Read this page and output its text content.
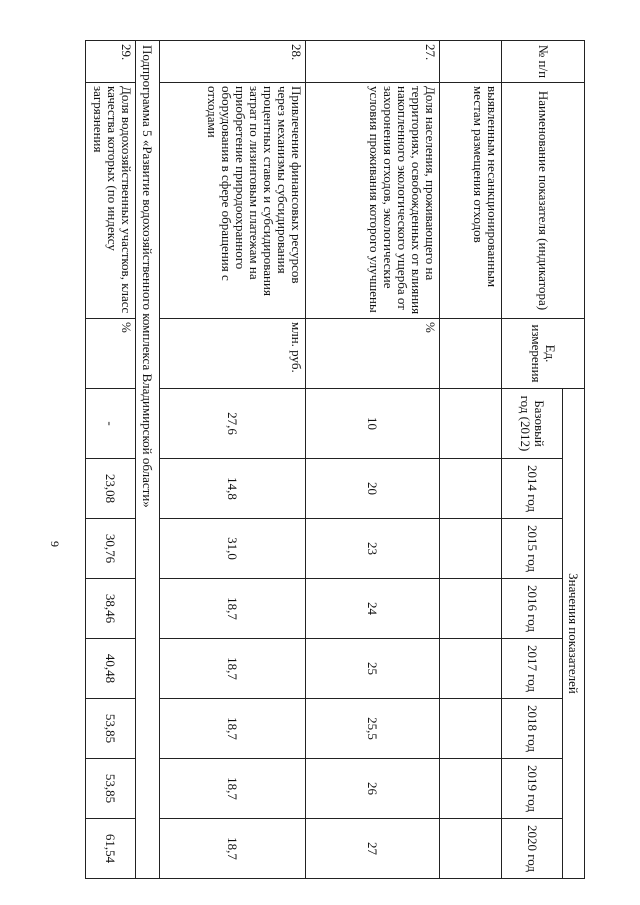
9
№ п/п	Наименование показателя (индикатора)	Ед. измерения	Значения показателей							
			Базовый год (2012)	2014 год	2015 год	2016 год	2017 год	2018 год	2019 год	2020 год
	выявленным несанкционированным местам размещения отходов									
27.	Доля населения, проживающего на территориях, освобожденных от влияния накопленного экологического ущерба от захоронения отходов, экологические условия проживания которого улучшены	%	10	20	23	24	25	25,5	26	27
28.	Привлечение финансовых ресурсов через механизмы субсидирования процентных ставок и субсидирования затрат по лизинговым платежам на приобретение природоохранного оборудования в сфере обращения с отходами	млн. руб.	27,6	14,8	31,0	18,7	18,7	18,7	18,7	18,7
Подпрограмма 5 «Развитие водохозяйственного комплекса Владимирской области»										
29.	Доля водохозяйственных участков, класс качества которых (по индексу загрязнения	%	-	23,08	30,76	38,46	40,48	53,85	53,85	61,54
